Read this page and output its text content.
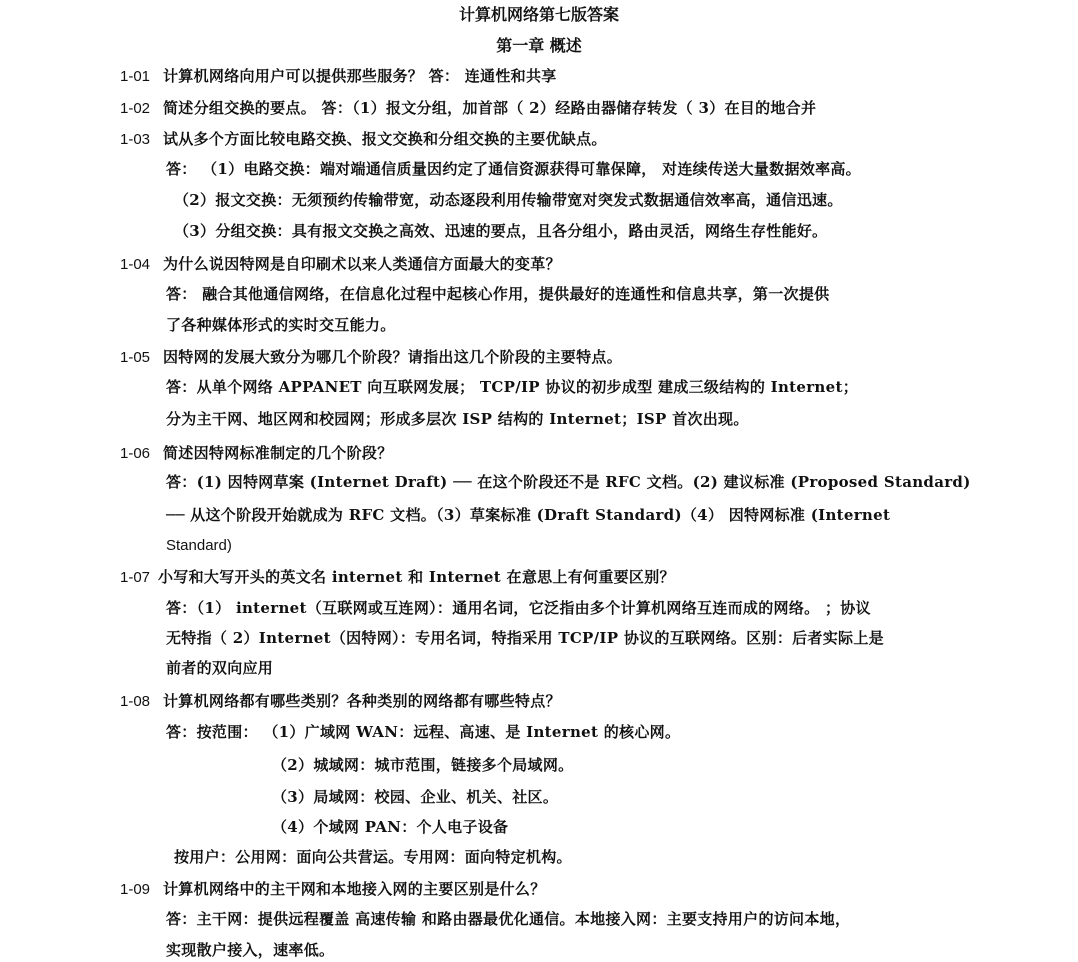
计算机网络第七版答案
第一章 概述
1-01 计算机网络向用户可以提供那些服务？ 答： 连通性和共享
1-02 简述分组交换的要点。 答：（1）报文分组，加首部（ 2）经路由器储存转发（ 3）在目的地合并
1-03 试从多个方面比较电路交换、报文交换和分组交换的主要优缺点。
答： （1）电路交换：端对端通信质量因约定了通信资源获得可靠保障， 对连续传送大量数据效率高。
（2）报文交换：无须预约传输带宽，动态逐段利用传输带宽对突发式数据通信效率高，通信迅速。
（3）分组交换：具有报文交换之高效、迅速的要点，且各分组小，路由灵活，网络生存性能好。
1-04 为什么说因特网是自印刷术以来人类通信方面最大的变革？
答： 融合其他通信网络，在信息化过程中起核心作用，提供最好的连通性和信息共享，第一次提供
了各种媒体形式的实时交互能力。
1-05 因特网的发展大致分为哪几个阶段？请指出这几个阶段的主要特点。
答：从单个网络 APPANET 向互联网发展； TCP/IP 协议的初步成型 建成三级结构的 Internet；
分为主干网、地区网和校园网；形成多层次 ISP 结构的 Internet；ISP 首次出现。
1-06 简述因特网标准制定的几个阶段？
答：(1) 因特网草案 (Internet Draft) ── 在这个阶段还不是 RFC 文档。(2) 建议标准 (Proposed Standard)
── 从这个阶段开始就成为 RFC 文档。（3）草案标准 (Draft Standard)（4） 因特网标准 (Internet
Standard)
1-07 小写和大写开头的英文名 internet 和 Internet 在意思上有何重要区别？
答：（1） internet（互联网或互连网）：通用名词，它泛指由多个计算机网络互连而成的网络。 ；协议
无特指（ 2）Internet（因特网）：专用名词，特指采用 TCP/IP 协议的互联网络。区别：后者实际上是
前者的双向应用
1-08 计算机网络都有哪些类别？各种类别的网络都有哪些特点？
答：按范围： （1）广域网 WAN：远程、高速、是 Internet 的核心网。
（2）城域网：城市范围，链接多个局域网。
（3）局域网：校园、企业、机关、社区。
（4）个域网 PAN：个人电子设备
按用户：公用网：面向公共营运。专用网：面向特定机构。
1-09 计算机网络中的主干网和本地接入网的主要区别是什么？
答：主干网：提供远程覆盖 高速传输 和路由器最优化通信。本地接入网：主要支持用户的访问本地，
实现散户接入，速率低。
